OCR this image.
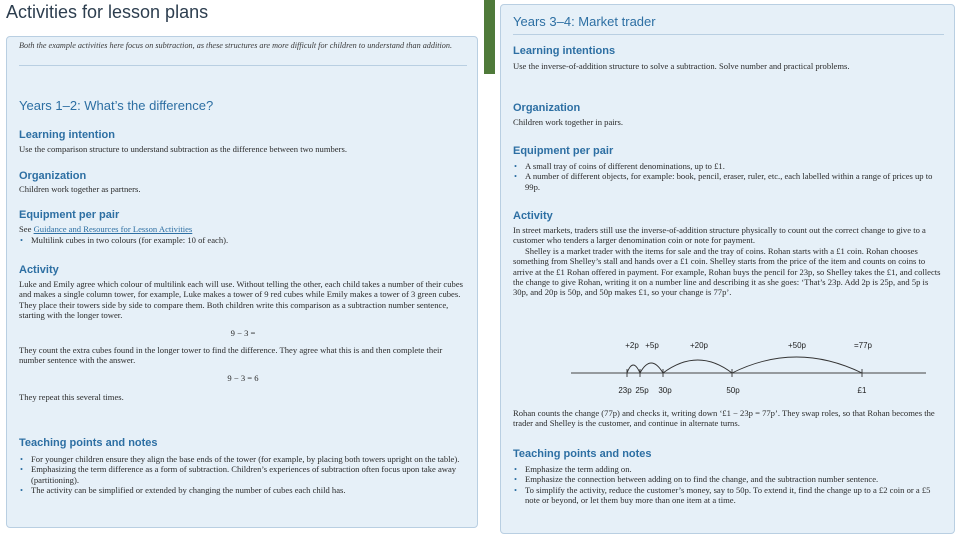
Activities for lesson plans
Both the example activities here focus on subtraction, as these structures are more difficult for children to understand than addition.
Years 1–2: What’s the difference?
Learning intention

Use the comparison structure to understand subtraction as the difference between two numbers.

Organization

Children work together as partners.

Equipment per pair

See Guidance and Resources for Lesson Activities

• Multilink cubes in two colours (for example: 10 of each).
Activity

Luke and Emily agree which colour of multilink each will use. Without telling the other, each child takes a number of their cubes and makes a single column tower, for example, Luke makes a tower of 9 red cubes while Emily makes a tower of 3 green cubes. They place their towers side by side to compare them. Both children write this comparison as a subtraction number sentence, starting with the longer tower.

9 − 3 =

They count the extra cubes found in the longer tower to find the difference. They agree what this is and then complete their number sentence with the answer.

9 − 3 = 6

They repeat this several times.

Teaching points and notes
• For younger children ensure they align the base ends of the tower (for example, by placing both towers upright on the table).
• Emphasizing the term difference as a form of subtraction. Children’s experiences of subtraction often focus upon take away (partitioning).
• The activity can be simplified or extended by changing the number of cubes each child has.
Years 3–4: Market trader
Learning intentions

Use the inverse-of-addition structure to solve a subtraction. Solve number and practical problems.

Organization

Children work together in pairs.

Equipment per pair
• A small tray of coins of different denominations, up to £1.
• A number of different objects, for example: book, pencil, eraser, ruler, etc., each labelled within a range of prices up to 99p.
Activity

In street markets, traders still use the inverse-of-addition structure physically to count out the correct change to give to a customer who tenders a larger denomination coin or note for payment.

Shelley is a market trader with the items for sale and the tray of coins. Rohan starts with a £1 coin. Rohan chooses something from Shelley’s stall and hands over a £1 coin. Shelley starts from the price of the item and counts on coins to arrive at the £1 Rohan offered in payment. For example, Rohan buys the pencil for 23p, so Shelley takes the £1, and collects the change to give Rohan, writing it on a number line and describing it as she goes: ‘That’s 23p. Add 2p is 25p, and 5p is 30p, and 20p is 50p, and 50p makes £1, so your change is 77p’.

+2p +5p	+20p	+50p	=77p
23p 25p 30p	50p	£1

Rohan counts the change (77p) and checks it, writing down ‘£1 − 23p = 77p’. They swap roles, so that Rohan becomes the trader and Shelley is the customer, and continue in alternate turns.

Teaching points and notes
• Emphasize the term adding on.
• Emphasize the connection between adding on to find the change, and the subtraction number sentence.
• To simplify the activity, reduce the customer’s money, say to 50p. To extend it, find the change up to a £2 coin or a £5 note or beyond, or let them buy more than one item at a time.
